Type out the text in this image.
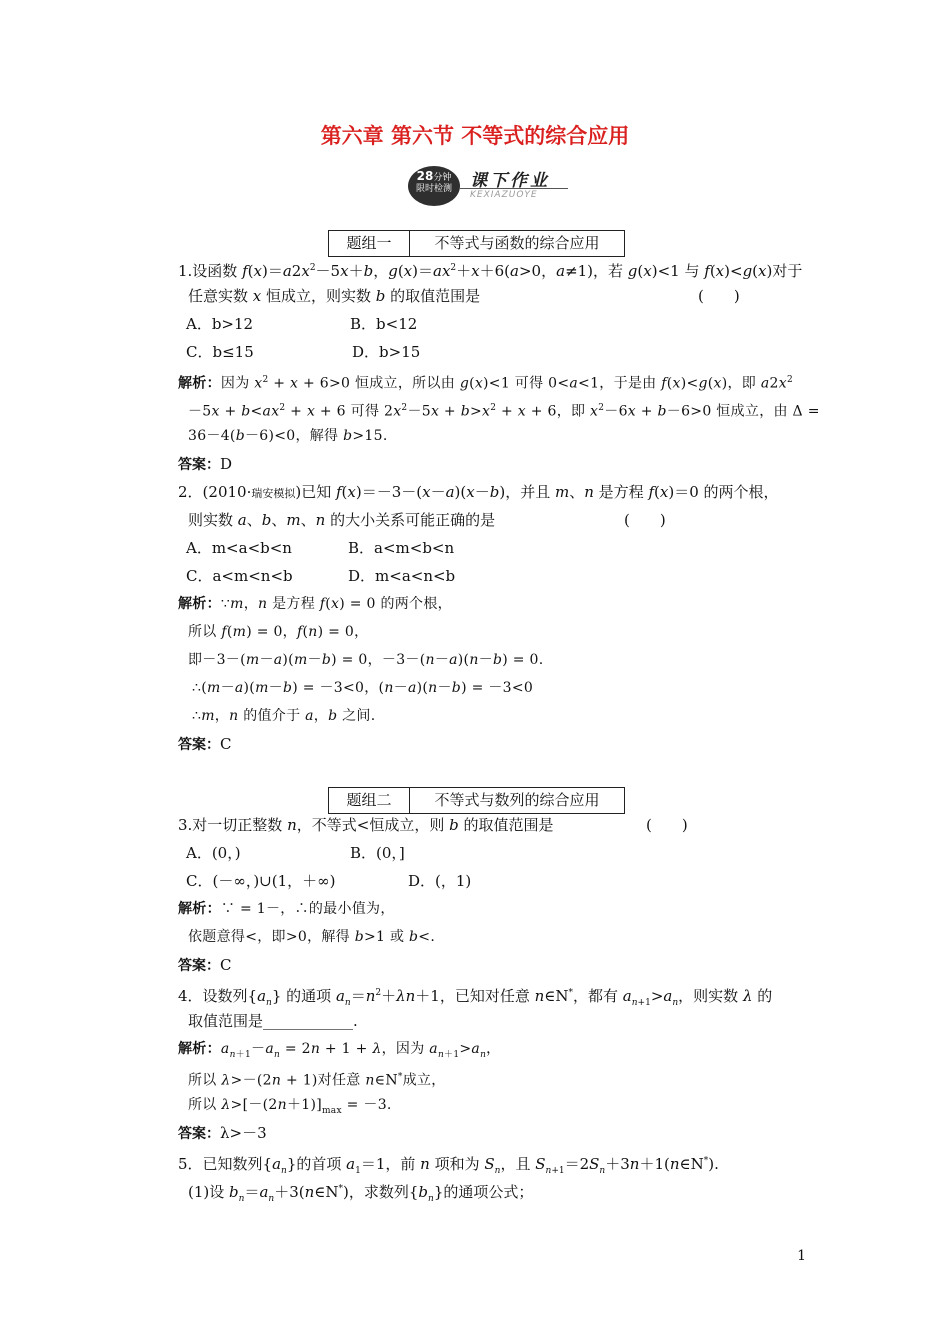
第六章 第六节 不等式的综合应用
28分钟
限时检测	课下作业
KEXIAZUOYE
题组一	不等式与函数的综合应用
1.设函数 $f(x)=a2x^2-5x+b$，$g(x)=ax^2+x+6(a>0$，a≠1)，若 g(x)<1 与 f(x)<g(x)对于
任意实数 x 恒成立，则实数 b 的取值范围是	(　　)
A．b>12	B．b<12
C．b≤15	D．b>15
解析：因为 $x^2 + x + 6>0$ 恒成立，所以由 g(x)<1 可得 0<a<1，于是由 f(x)<g(x)，即 $a2x^2$
$-5x + b<ax^2 + x + 6$ 可得 $2x^2-5x + b>x^2 + x + 6$，即 $x^2-6x + b-6>0$ 恒成立，由 Δ =
36－4(b－6)<0，解得 b>15.
答案：D
2．(2010·瑞安模拟)已知 f(x)＝－3－(x－a)(x－b)，并且 m、n 是方程 f(x)＝0 的两个根，
则实数 a、b、m、n 的大小关系可能正确的是	(　　)
A．m<a<b<n	B．a<m<b<n
C．a<m<n<b	D．m<a<n<b
解析：∵m，n 是方程 f(x) = 0 的两个根，
所以 f(m) = 0，f(n) = 0，
即－3－(m－a)(m－b) = 0，－3－(n－a)(n－b) = 0.
∴(m－a)(m－b) = －3<0，(n－a)(n－b) = －3<0
∴m，n 的值介于 a，b 之间.
答案：C
题组二	不等式与数列的综合应用
3.对一切正整数 n，不等式<恒成立，则 b 的取值范围是	(　　)
A．(0，)	B．(0，]
C．(－∞，)∪(1，＋∞)	D．(，1)
解析：∵ = 1－，∴的最小值为，
依题意得<，即>0，解得 b>1 或 b<.
答案：C
4．设数列$\{a_n\}$ 的通项 $a_n=n^2+\lambda n+1$，已知对任意 n∈N*，都有 $a_{n+1}>a_n$，则实数 λ 的
取值范围是____________.
解析：$a_{n+1}-a_n = 2n + 1 + \lambda$，因为 $a_{n+1}>a_n$，
所以 λ>－(2n + 1)对任意 n∈N*成立，
所以 $\lambda>[-(2n+1)]_{max} = -3$.
答案：λ>－3
5．已知数列$\{a_n\}$的首项 $a_1=1$，前 n 项和为 $S_n$，且 $S_{n+1}=2S_n+3n+1(n\in N^*)$.
(1)设 $b_n=a_n+3(n\in N^*)$，求数列$\{b_n\}$的通项公式；
1
